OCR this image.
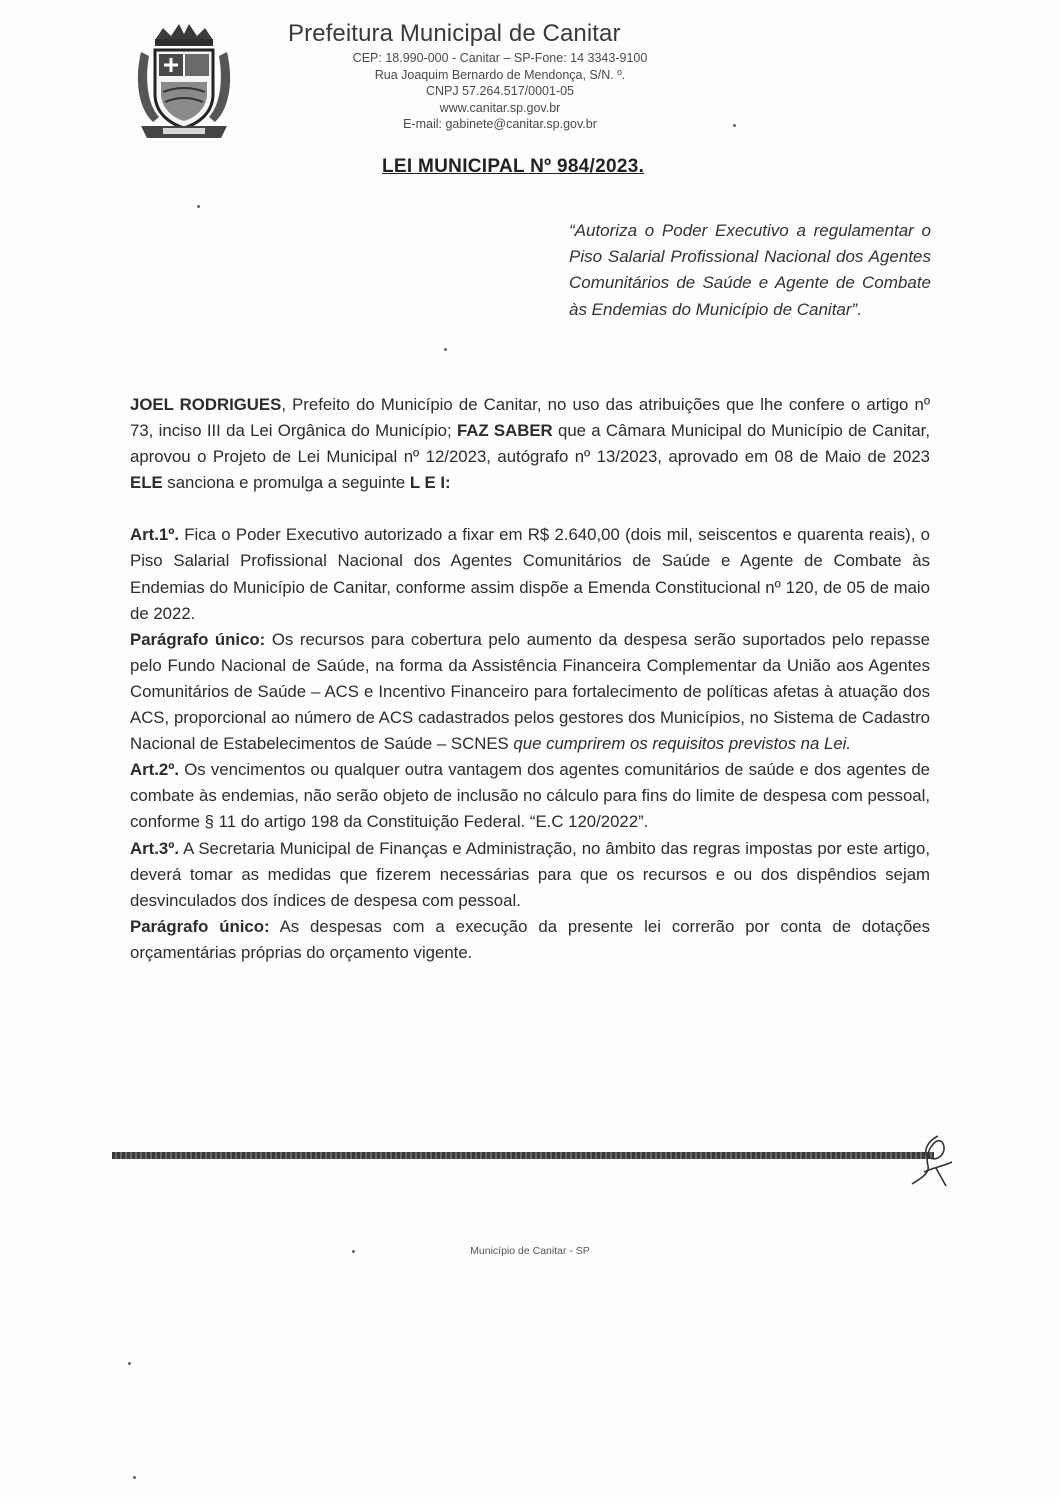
Prefeitura Municipal de Canitar
CEP: 18.990-000 - Canitar – SP-Fone: 14 3343-9100
Rua Joaquim Bernardo de Mendonça, S/N. º.
CNPJ 57.264.517/0001-05
www.canitar.sp.gov.br
E-mail: gabinete@canitar.sp.gov.br
LEI MUNICIPAL Nº 984/2023.
“Autoriza o Poder Executivo a regulamentar o Piso Salarial Profissional Nacional dos Agentes Comunitários de Saúde e Agente de Combate às Endemias do Município de Canitar”.

JOEL RODRIGUES, Prefeito do Município de Canitar, no uso das atribuições que lhe confere o artigo nº 73, inciso III da Lei Orgânica do Município; FAZ SABER que a Câmara Municipal do Município de Canitar, aprovou o Projeto de Lei Municipal nº 12/2023, autógrafo nº 13/2023, aprovado em 08 de Maio de 2023 ELE sanciona e promulga a seguinte L E I:

Art.1º. Fica o Poder Executivo autorizado a fixar em R$ 2.640,00 (dois mil, seiscentos e quarenta reais), o Piso Salarial Profissional Nacional dos Agentes Comunitários de Saúde e Agente de Combate às Endemias do Município de Canitar, conforme assim dispõe a Emenda Constitucional nº 120, de 05 de maio de 2022.

Parágrafo único: Os recursos para cobertura pelo aumento da despesa serão suportados pelo repasse pelo Fundo Nacional de Saúde, na forma da Assistência Financeira Complementar da União aos Agentes Comunitários de Saúde – ACS e Incentivo Financeiro para fortalecimento de políticas afetas à atuação dos ACS, proporcional ao número de ACS cadastrados pelos gestores dos Municípios, no Sistema de Cadastro Nacional de Estabelecimentos de Saúde – SCNES que cumprirem os requisitos previstos na Lei.

Art.2º. Os vencimentos ou qualquer outra vantagem dos agentes comunitários de saúde e dos agentes de combate às endemias, não serão objeto de inclusão no cálculo para fins do limite de despesa com pessoal, conforme § 11 do artigo 198 da Constituição Federal. “E.C 120/2022”.

Art.3º. A Secretaria Municipal de Finanças e Administração, no âmbito das regras impostas por este artigo, deverá tomar as medidas que fizerem necessárias para que os recursos e ou dos dispêndios sejam desvinculados dos índices de despesa com pessoal.

Parágrafo único: As despesas com a execução da presente lei correrão por conta de dotações orçamentárias próprias do orçamento vigente.

Município de Canitar - SP
